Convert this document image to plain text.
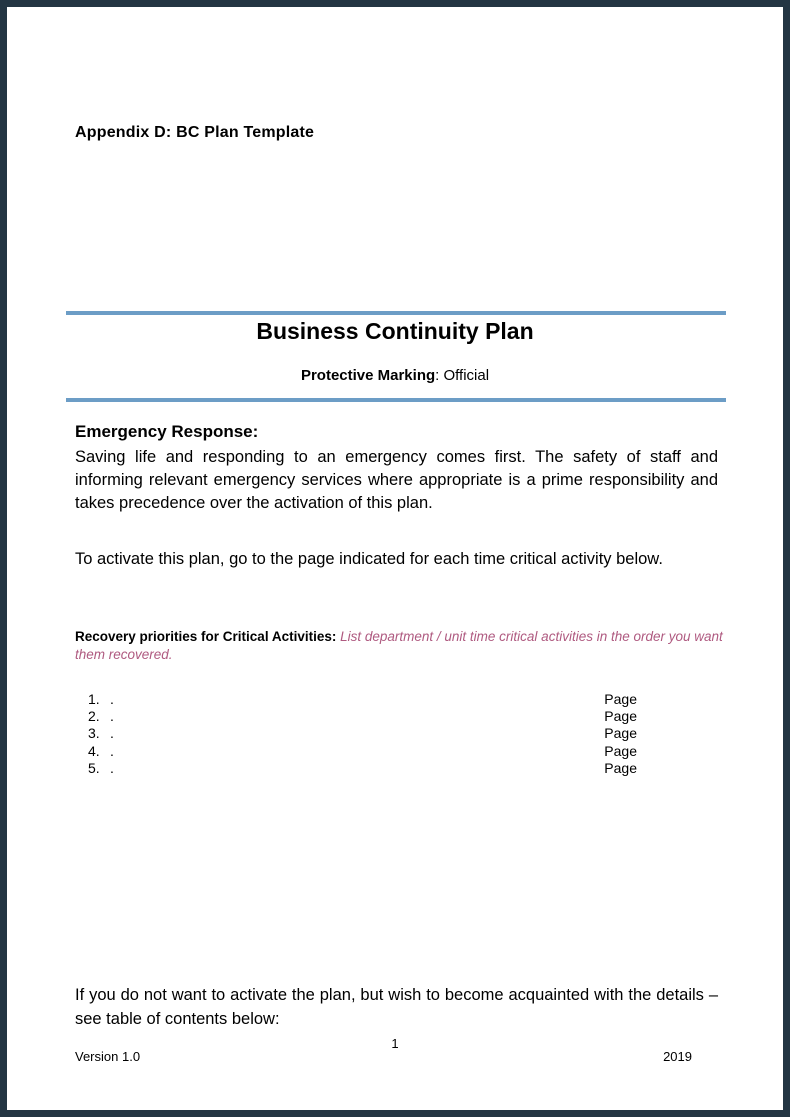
Appendix D: BC Plan Template
Business Continuity Plan
Protective Marking: Official
Emergency Response:
Saving life and responding to an emergency comes first. The safety of staff and informing relevant emergency services where appropriate is a prime responsibility and takes precedence over the activation of this plan.
To activate this plan, go to the page indicated for each time critical activity below.
Recovery priorities for Critical Activities: List department / unit time critical activities in the order you want them recovered.
1. .	Page
2. .	Page
3. .	Page
4. .	Page
5. .	Page
If you do not want to activate the plan, but wish to become acquainted with the details – see table of contents below:
1
Version 1.0	2019
